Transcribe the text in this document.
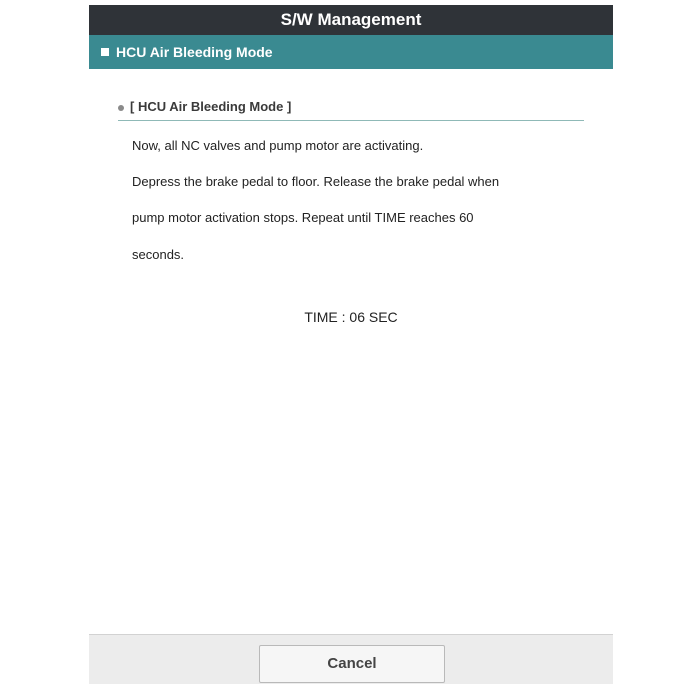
S/W Management
HCU Air Bleeding Mode
[ HCU Air Bleeding Mode ]
Now, all NC valves and pump motor are activating.
Depress the brake pedal to floor. Release the brake pedal when
pump motor activation stops. Repeat until TIME reaches 60
seconds.
TIME : 06 SEC
Cancel
